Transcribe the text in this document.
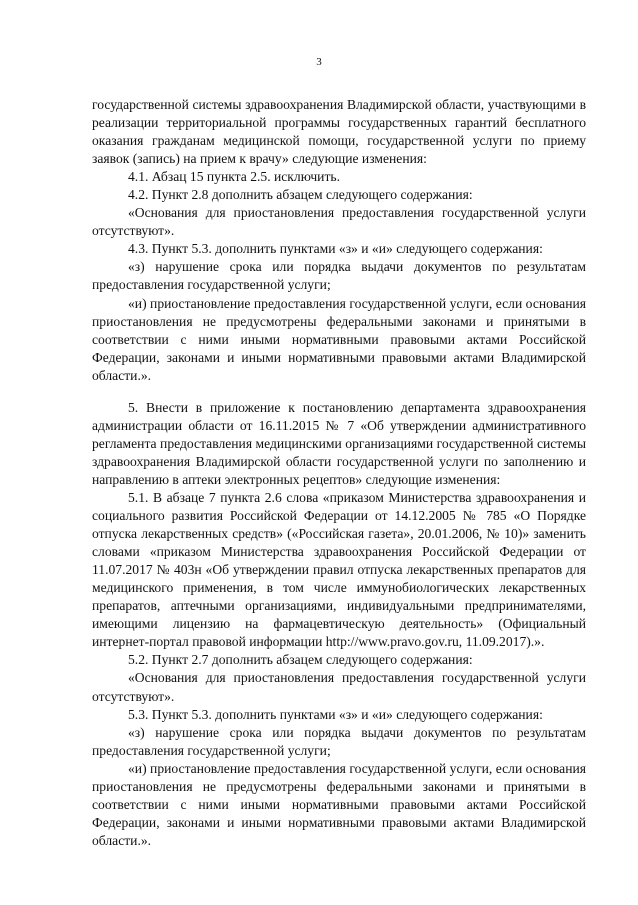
3

государственной системы здравоохранения Владимирской области, участвующими в реализации территориальной программы государственных гарантий бесплатного оказания гражданам медицинской помощи, государственной услуги по приему заявок (запись) на прием к врачу» следующие изменения:

4.1. Абзац 15 пункта 2.5. исключить.

4.2. Пункт 2.8 дополнить абзацем следующего содержания:

«Основания для приостановления предоставления государственной услуги отсутствуют».

4.3. Пункт 5.3. дополнить пунктами «з» и «и» следующего содержания:

«з) нарушение срока или порядка выдачи документов по результатам предоставления государственной услуги;

«и) приостановление предоставления государственной услуги, если основания приостановления не предусмотрены федеральными законами и принятыми в соответствии с ними иными нормативными правовыми актами Российской Федерации, законами и иными нормативными правовыми актами Владимирской области.».

5. Внести в приложение к постановлению департамента здравоохранения администрации области от 16.11.2015 № 7 «Об утверждении административного регламента предоставления медицинскими организациями государственной системы здравоохранения Владимирской области государственной услуги по заполнению и направлению в аптеки электронных рецептов» следующие изменения:

5.1. В абзаце 7 пункта 2.6 слова «приказом Министерства здравоохранения и социального развития Российской Федерации от 14.12.2005 № 785 «О Порядке отпуска лекарственных средств» («Российская газета», 20.01.2006, № 10)» заменить словами «приказом Министерства здравоохранения Российской Федерации от 11.07.2017 № 403н «Об утверждении правил отпуска лекарственных препаратов для медицинского применения, в том числе иммунобиологических лекарственных препаратов, аптечными организациями, индивидуальными предпринимателями, имеющими лицензию на фармацевтическую деятельность» (Официальный интернет-портал правовой информации http://www.pravo.gov.ru, 11.09.2017).».

5.2. Пункт 2.7 дополнить абзацем следующего содержания:

«Основания для приостановления предоставления государственной услуги отсутствуют».

5.3. Пункт 5.3. дополнить пунктами «з» и «и» следующего содержания:

«з) нарушение срока или порядка выдачи документов по результатам предоставления государственной услуги;

«и) приостановление предоставления государственной услуги, если основания приостановления не предусмотрены федеральными законами и принятыми в соответствии с ними иными нормативными правовыми актами Российской Федерации, законами и иными нормативными правовыми актами Владимирской области.».
